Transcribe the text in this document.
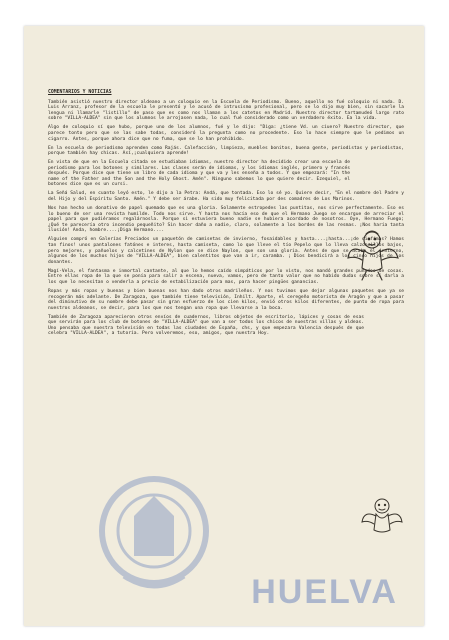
HUELVA
COMENTARIOS Y NOTICIAS

También asistió nuestro director aldeano a un coloquio en la Escuela de Periodismo. Bueno, aquello no fué coloquio ni nada. D. Luis Arranz, profesor de la escuela le presentó y le acusó de intrusismo profesional, pero se lo dijo muy bien, sin sacarle la lengua ni llamarle "listillo" de paso que es como nos llaman a los catetos en Madrid. Nuestro director tartamudeó largo rato sobre "VILLA-ALDEA" sin que los alumnos le arrojasen nada, lo cual fué considerado como un verdadero éxito. Ea la vida.

Algo de coloquio sí que hubo, porque uno de los alumnos, fué y le dijo: "Diga: ¿tiene Vd. un cíuero? Nuestro director, que parece tonto pero que se las sabe todas, consideró la pregunta como no procedente. Eso lo hace siempre que le pedimos un cigarro. Antes, porque ahora dice que no fuma, que se lo han prohibido.

En la escuela de periodismo aprenden como Rajás. Calefacción, limpieza, muebles bonitos, buena gente, periodistas y periodistas, porque también hay chicas. Así,¡cualquiera aprende!

En vista de que en la Escuela citada se estudiaban idiomas, nuestro director ha decidido crear una escuela de periodismo para los botones y similares. Las clases serán de idiomas, y los idiomas inglés, primero y francés después. Porque dice que tiene un libro de cada idioma y que va y les enseña a todos. Y que empezará: "In the name of the Father and the Son and the Holy Ghost. Amén". Ninguno sabemos lo que quiere decir. Ezequiel, el botones dice que es un cursi.

La Señá Salud, en cuanto leyó esto, le dijo a la Petra: Andá, que tontada. Eso lo sé yo. Quiere decir, "En el nombre del Padre y del Hijo y del Espíritu Santo. Amén." Y debe ser árabe. Ha sido muy felicitada por des comadres de Los Marinos.

Nos han hecho un donativo de papel quemado que es una gloria. Solamente estropedes las puntitas, nos sirve perfectamente. Eso es lo bueno de ser una revista humilde. Todo nos sirve. Y hasta nos hacía eso de que el Hermano Juego se encargue de arreciar el papel para que pudiéramos regalárnosla. Porque si estuviera bueno nadie se hubiera acordado de nosotros. Oye, Hermano Fuego; ¿Qué te parecería otro incendio pequeñito? Sin hacer daño a nadie, claro, solamente a los bordes de las resmas. ¡Nos haría tanta ilusión! Anda, hombre....¡Diga Hermano....

Alguien compró en Galerías Preciados un paquetón de camisetas de invierno, fosaidables y hasta....¡hasta...¡de dinfámas? Hamos tan finos! unos pantalones fatónes e interes, hasta camiseta, como lo que lleve el tío Pepelo que lo lleva calzoncillos bajos, pero mejores, y pañuelos y calcetines de Nylon que se dice Naylon, que son una gloria. Antes de que se acabe el invierno, algunos de los muchos hijos de "VILLA-ALDEA", bien calentitos que van a ir, caramba. ¡ Dios bendicirá a los cinco hijos de los donantes.

Magí-Vela, el fantasma e inmortal cantante, al que lo hemos caído simpáticos por lo visto, nos mandó grandes puñados de cosas. Entre ellas ropa de la que se ponía para salir a escena, nueva, vamos, pero de tanto valor que no habido dudas sobre si darla a los que lo necesitan o venderla a precio de estabilización para mas, para hacer pingües ganancias.

Ropas y más ropas y buenas y bien buenas nos han dado otros madrileños. Y nos tuvimos que dejar algunas paquetes que ya se recogerán más adelante. De Zaragoza, que también tiene televisión, Inhilt. Aparte, el ceregeño motorista de Aragón y que a pasar del diminutivo de su nombre debe pasar sin gran esfuerzo de los cien kilos, envió otros kilos diferentes, de punto de ropa para nuestros aldeanos, se decir, para los que nos tengan una ropa que llevarse a la boca.

También de Zaragoza aparecieron otros envíos de cuadernos, libros objetos de escritorio, lápices y cosas de esas que servirán para los club de botones de "VILLA-ALDEA" que van a ser todos los chicos de nuestras villas y aldeas. Uno pensaba que nuestra televisión en todas las ciudades de España, chs, y que empezara Valencia después de que celebra "VILLA-ALDEA", a tutoría. Pero volveremos, eso, amigos, que nuestra Hoy.
